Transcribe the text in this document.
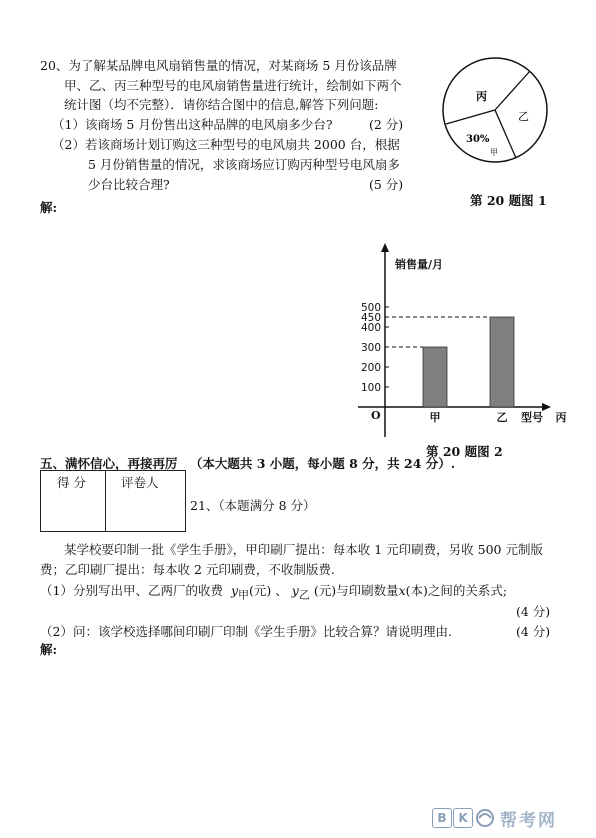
20、为了解某品牌电风扇销售量的情况，对某商场 5 月份该品牌
甲、乙、丙三种型号的电风扇销售量进行统计，绘制如下两个
统计图（均不完整）．请你结合图中的信息,解答下列问题:
（1）该商场 5 月份售出这种品牌的电风扇多少台?	(2 分)
（2）若该商场计划订购这三种型号的电风扇共 2000 台，根据
5 月份销售量的情况，求该商场应订购丙种型号电风扇多
少台比较合理?	(5 分)
解:
丙
乙
30%
甲
第 20 题图 1
100
200
300
400
450
500
甲	乙	丙
销售量/月
型号
O
第 20 题图 2
五、满怀信心，再接再厉 （本大题共 3 小题，每小题 8 分，共 24 分）.
得 分	评卷人
21、（本题满分 8 分）
某学校要印制一批《学生手册》，甲印刷厂提出：每本收 1 元印刷费，另收 500 元制版
费；乙印刷厂提出：每本收 2 元印刷费，不收制版费.
（1）分别写出甲、乙两厂的收费 $y_甲$(元) 、 $y_乙$ (元)与印刷数量x(本)之间的关系式;
(4 分)
（2）问：该学校选择哪间印刷厂印制《学生手册》比较合算？请说明理由.	(4 分)
解:
B K	帮考网
